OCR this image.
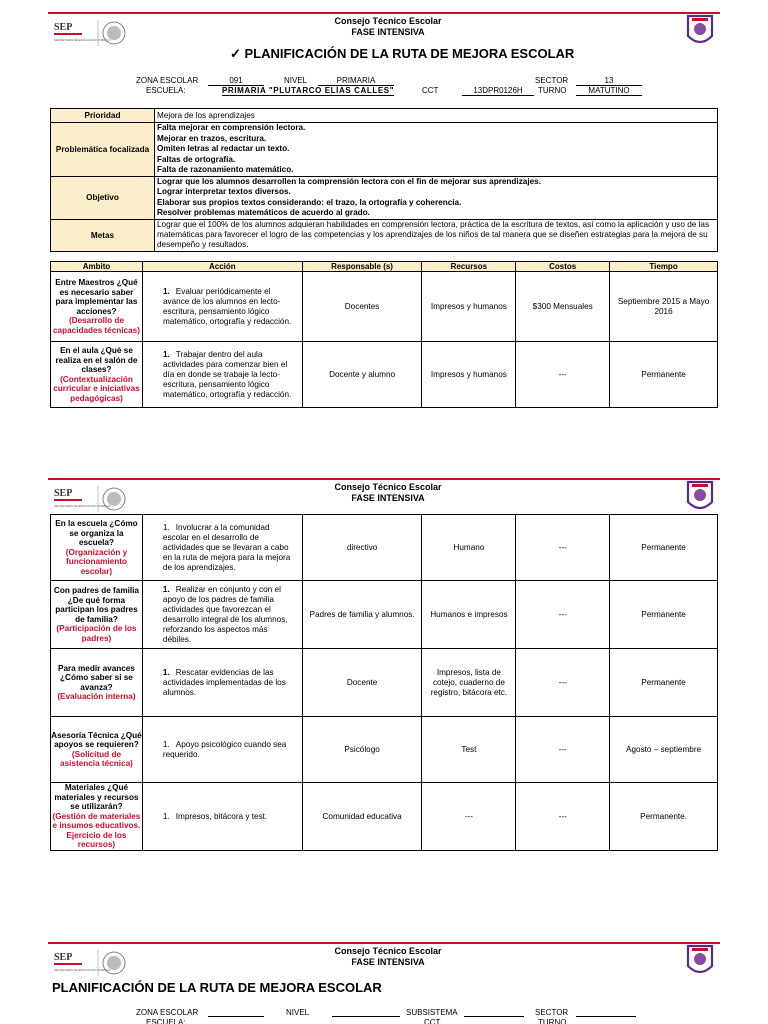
SEP
SECRETARÍA DE EDUCACIÓN PÚBLICA
Consejo Técnico Escolar
FASE INTENSIVA
✓ PLANIFICACIÓN DE LA RUTA DE MEJORA ESCOLAR
ZONA ESCOLAR	091	NIVEL	PRIMARIA	SECTOR	13
ESCUELA:	PRIMARIA "PLUTARCO ELÍAS CALLES"	CCT	13DPR0126H	TURNO	MATUTINO
Prioridad	Mejora de los aprendizajes
Problemática focalizada	Falta mejorar en comprensión lectora.
Mejorar en trazos, escritura.
Omiten letras al redactar un texto.
Faltas de ortografía.
Falta de razonamiento matemático.

Objetivo	Lograr que los alumnos desarrollen la comprensión lectora con el fin de mejorar sus aprendizajes.
Lograr interpretar textos diversos.
Elaborar sus propios textos considerando: el trazo, la ortografía y coherencia.
Resolver problemas matemáticos de acuerdo al grado.

Metas	Lograr que el 100% de los alumnos adquieran habilidades en comprensión lectora, práctica de la escritura de textos, así como la aplicación y uso de las matemáticas para favorecer el logro de las competencias y los aprendizajes de los niños de tal manera que se diseñen estrategias para la mejora de su desempeño y resultados.
Ambito	Acción	Responsable (s)	Recursos	Costos	Tiempo

Entre Maestros ¿Qué es necesario saber para implementar las acciones?
(Desarrollo de capacidades técnicas)	1. Evaluar periódicamente el avance de los alumnos en lecto-escritura, pensamiento lógico matemático, ortografía y redacción.	Docentes	Impresos y humanos	$300 Mensuales	Septiembre 2015 a Mayo 2016

En el aula ¿Qué se realiza en el salón de clases?
(Contextualización curricular e iniciativas pedagógicas)	1. Trabajar dentro del aula actividades para comenzar bien el día en donde se trabaje la lecto-escritura, pensamiento lógico matemático, ortografía y redacción.	Docente y alumno	Impresos y humanos	---	Permanente
SEP
SECRETARÍA DE EDUCACIÓN PÚBLICA
Consejo Técnico Escolar
FASE INTENSIVA
En la escuela ¿Cómo se organiza la escuela?
(Organización y funcionamiento escolar)	1. Involucrar a la comunidad escolar en el desarrollo de actividades que se llevaran a cabo en la ruta de mejora para la mejora de los aprendizajes.	directivo	Humano	---	Permanente

Con padres de familia ¿De qué forma participan los padres de familia?
(Participación de los padres)	1. Realizar en conjunto y con el apoyo de los padres de familia actividades que favorezcan el desarrollo integral de los alumnos, reforzando los aspectos más débiles.	Padres de familia y alumnos.	Humanos e impresos	---	Permanente

Para medir avances ¿Cómo saber si se avanza?
(Evaluación interna)	1. Rescatar evidencias de las actividades implementadas de los alumnos.	Docente	Impresos, lista de cotejo, cuaderno de registro, bitácora etc.	---	Permanente

Asesoría Técnica ¿Qué apoyos se requieren?
(Solicitud de asistencia técnica)	1. Apoyo psicológico cuando sea requerido.	Psicólogo	Test	---	Agosto – septiembre

Materiales ¿Qué materiales y recursos se utilizarán?
(Gestión de materiales e insumos educativos. Ejercicio de los recursos)	1. Impresos, bitácora y test.	Comunidad educativa	---	---	Permanente.
SEP
SECRETARÍA DE EDUCACIÓN PÚBLICA
Consejo Técnico Escolar
FASE INTENSIVA
PLANIFICACIÓN DE LA RUTA DE MEJORA ESCOLAR
ZONA ESCOLAR	NIVEL	SUBSISTEMA	SECTOR
ESCUELA:	CCT	TURNO
